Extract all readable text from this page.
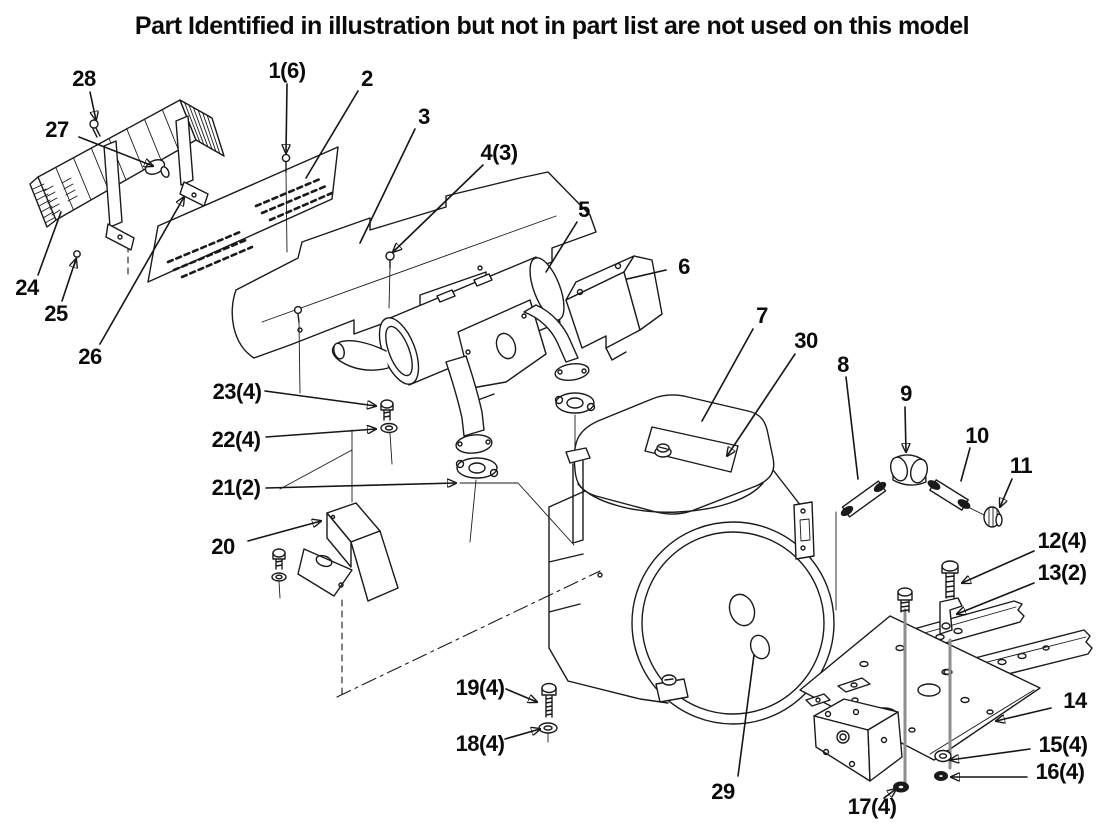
Part Identified in illustration but not in part list are not used on this model
28
27
24
25
26
1(6)	2
3
4(3)
5
6
7
30
8
9
10
11
12(4)
13(2)
14
15(4)
16(4)
17(4)
18(4)
19(4)
20
21(2)
22(4)
23(4)
29
